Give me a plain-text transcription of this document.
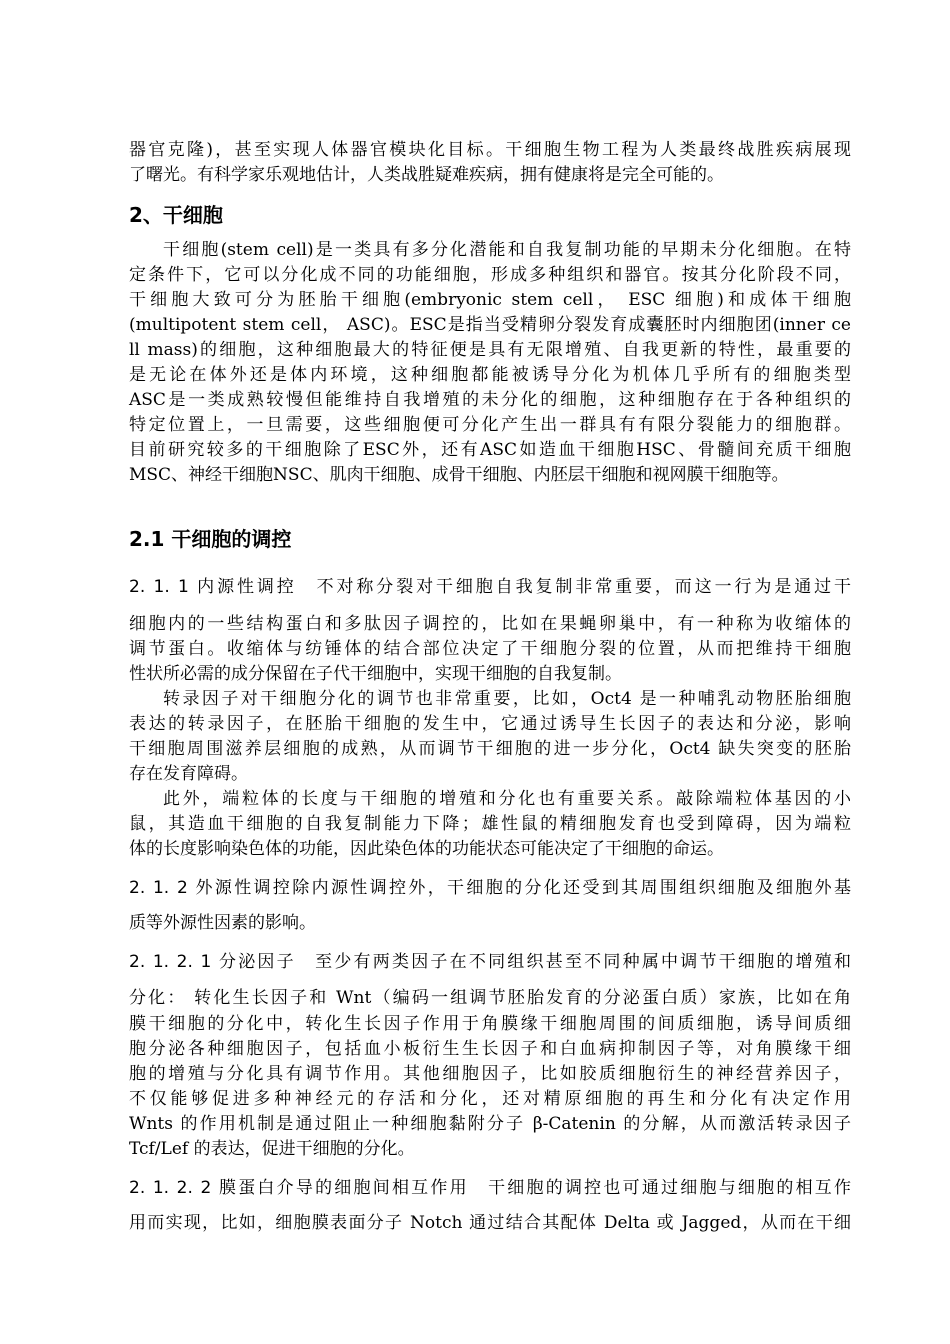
器官克隆)，甚至实现人体器官模块化目标。干细胞生物工程为人类最终战胜疾病展现
了曙光。有科学家乐观地估计，人类战胜疑难疾病，拥有健康将是完全可能的。
2、干细胞
干细胞(stem cell)是一类具有多分化潜能和自我复制功能的早期未分化细胞。在特
定条件下，它可以分化成不同的功能细胞，形成多种组织和器官。按其分化阶段不同，
干细胞大致可分为胚胎干细胞(embryonic stem cell， ESC 细胞)和成体干细胞
(multipotent stem cell， ASC)。ESC是指当受精卵分裂发育成囊胚时内细胞团(inner ce
ll mass)的细胞，这种细胞最大的特征便是具有无限增殖、自我更新的特性，最重要的
是无论在体外还是体内环境，这种细胞都能被诱导分化为机体几乎所有的细胞类型
ASC是一类成熟较慢但能维持自我增殖的未分化的细胞，这种细胞存在于各种组织的
特定位置上，一旦需要，这些细胞便可分化产生出一群具有有限分裂能力的细胞群。
目前研究较多的干细胞除了ESC外，还有ASC如造血干细胞HSC、骨髓间充质干细胞
MSC、神经干细胞NSC、肌肉干细胞、成骨干细胞、内胚层干细胞和视网膜干细胞等。
2.1 干细胞的调控
2. 1. 1 内源性调控　 不对称分裂对干细胞自我复制非常重要，而这一行为是通过干
细胞内的一些结构蛋白和多肽因子调控的，比如在果蝇卵巢中，有一种称为收缩体的
调节蛋白。收缩体与纺锤体的结合部位决定了干细胞分裂的位置，从而把维持干细胞
性状所必需的成分保留在子代干细胞中，实现干细胞的自我复制。
转录因子对干细胞分化的调节也非常重要，比如，Oct4 是一种哺乳动物胚胎细胞
表达的转录因子，在胚胎干细胞的发生中，它通过诱导生长因子的表达和分泌，影响
干细胞周围滋养层细胞的成熟，从而调节干细胞的进一步分化，Oct4 缺失突变的胚胎
存在发育障碍。
此外，端粒体的长度与干细胞的增殖和分化也有重要关系。敲除端粒体基因的小
鼠，其造血干细胞的自我复制能力下降；雄性鼠的精细胞发育也受到障碍，因为端粒
体的长度影响染色体的功能，因此染色体的功能状态可能决定了干细胞的命运。
2. 1. 2 外源性调控除内源性调控外，干细胞的分化还受到其周围组织细胞及细胞外基
质等外源性因素的影响。
2. 1. 2. 1 分泌因子　 至少有两类因子在不同组织甚至不同种属中调节干细胞的增殖和
分化： 转化生长因子和 Wnt（编码一组调节胚胎发育的分泌蛋白质）家族，比如在角
膜干细胞的分化中，转化生长因子作用于角膜缘干细胞周围的间质细胞，诱导间质细
胞分泌各种细胞因子，包括血小板衍生生长因子和白血病抑制因子等，对角膜缘干细
胞的增殖与分化具有调节作用。其他细胞因子，比如胶质细胞衍生的神经营养因子，
不仅能够促进多种神经元的存活和分化，还对精原细胞的再生和分化有决定作用
Wnts 的作用机制是通过阻止一种细胞黏附分子 β-Catenin 的分解，从而激活转录因子
Tcf/Lef 的表达，促进干细胞的分化。
2. 1. 2. 2 膜蛋白介导的细胞间相互作用　 干细胞的调控也可通过细胞与细胞的相互作
用而实现，比如，细胞膜表面分子 Notch 通过结合其配体 Delta 或 Jagged，从而在干细
